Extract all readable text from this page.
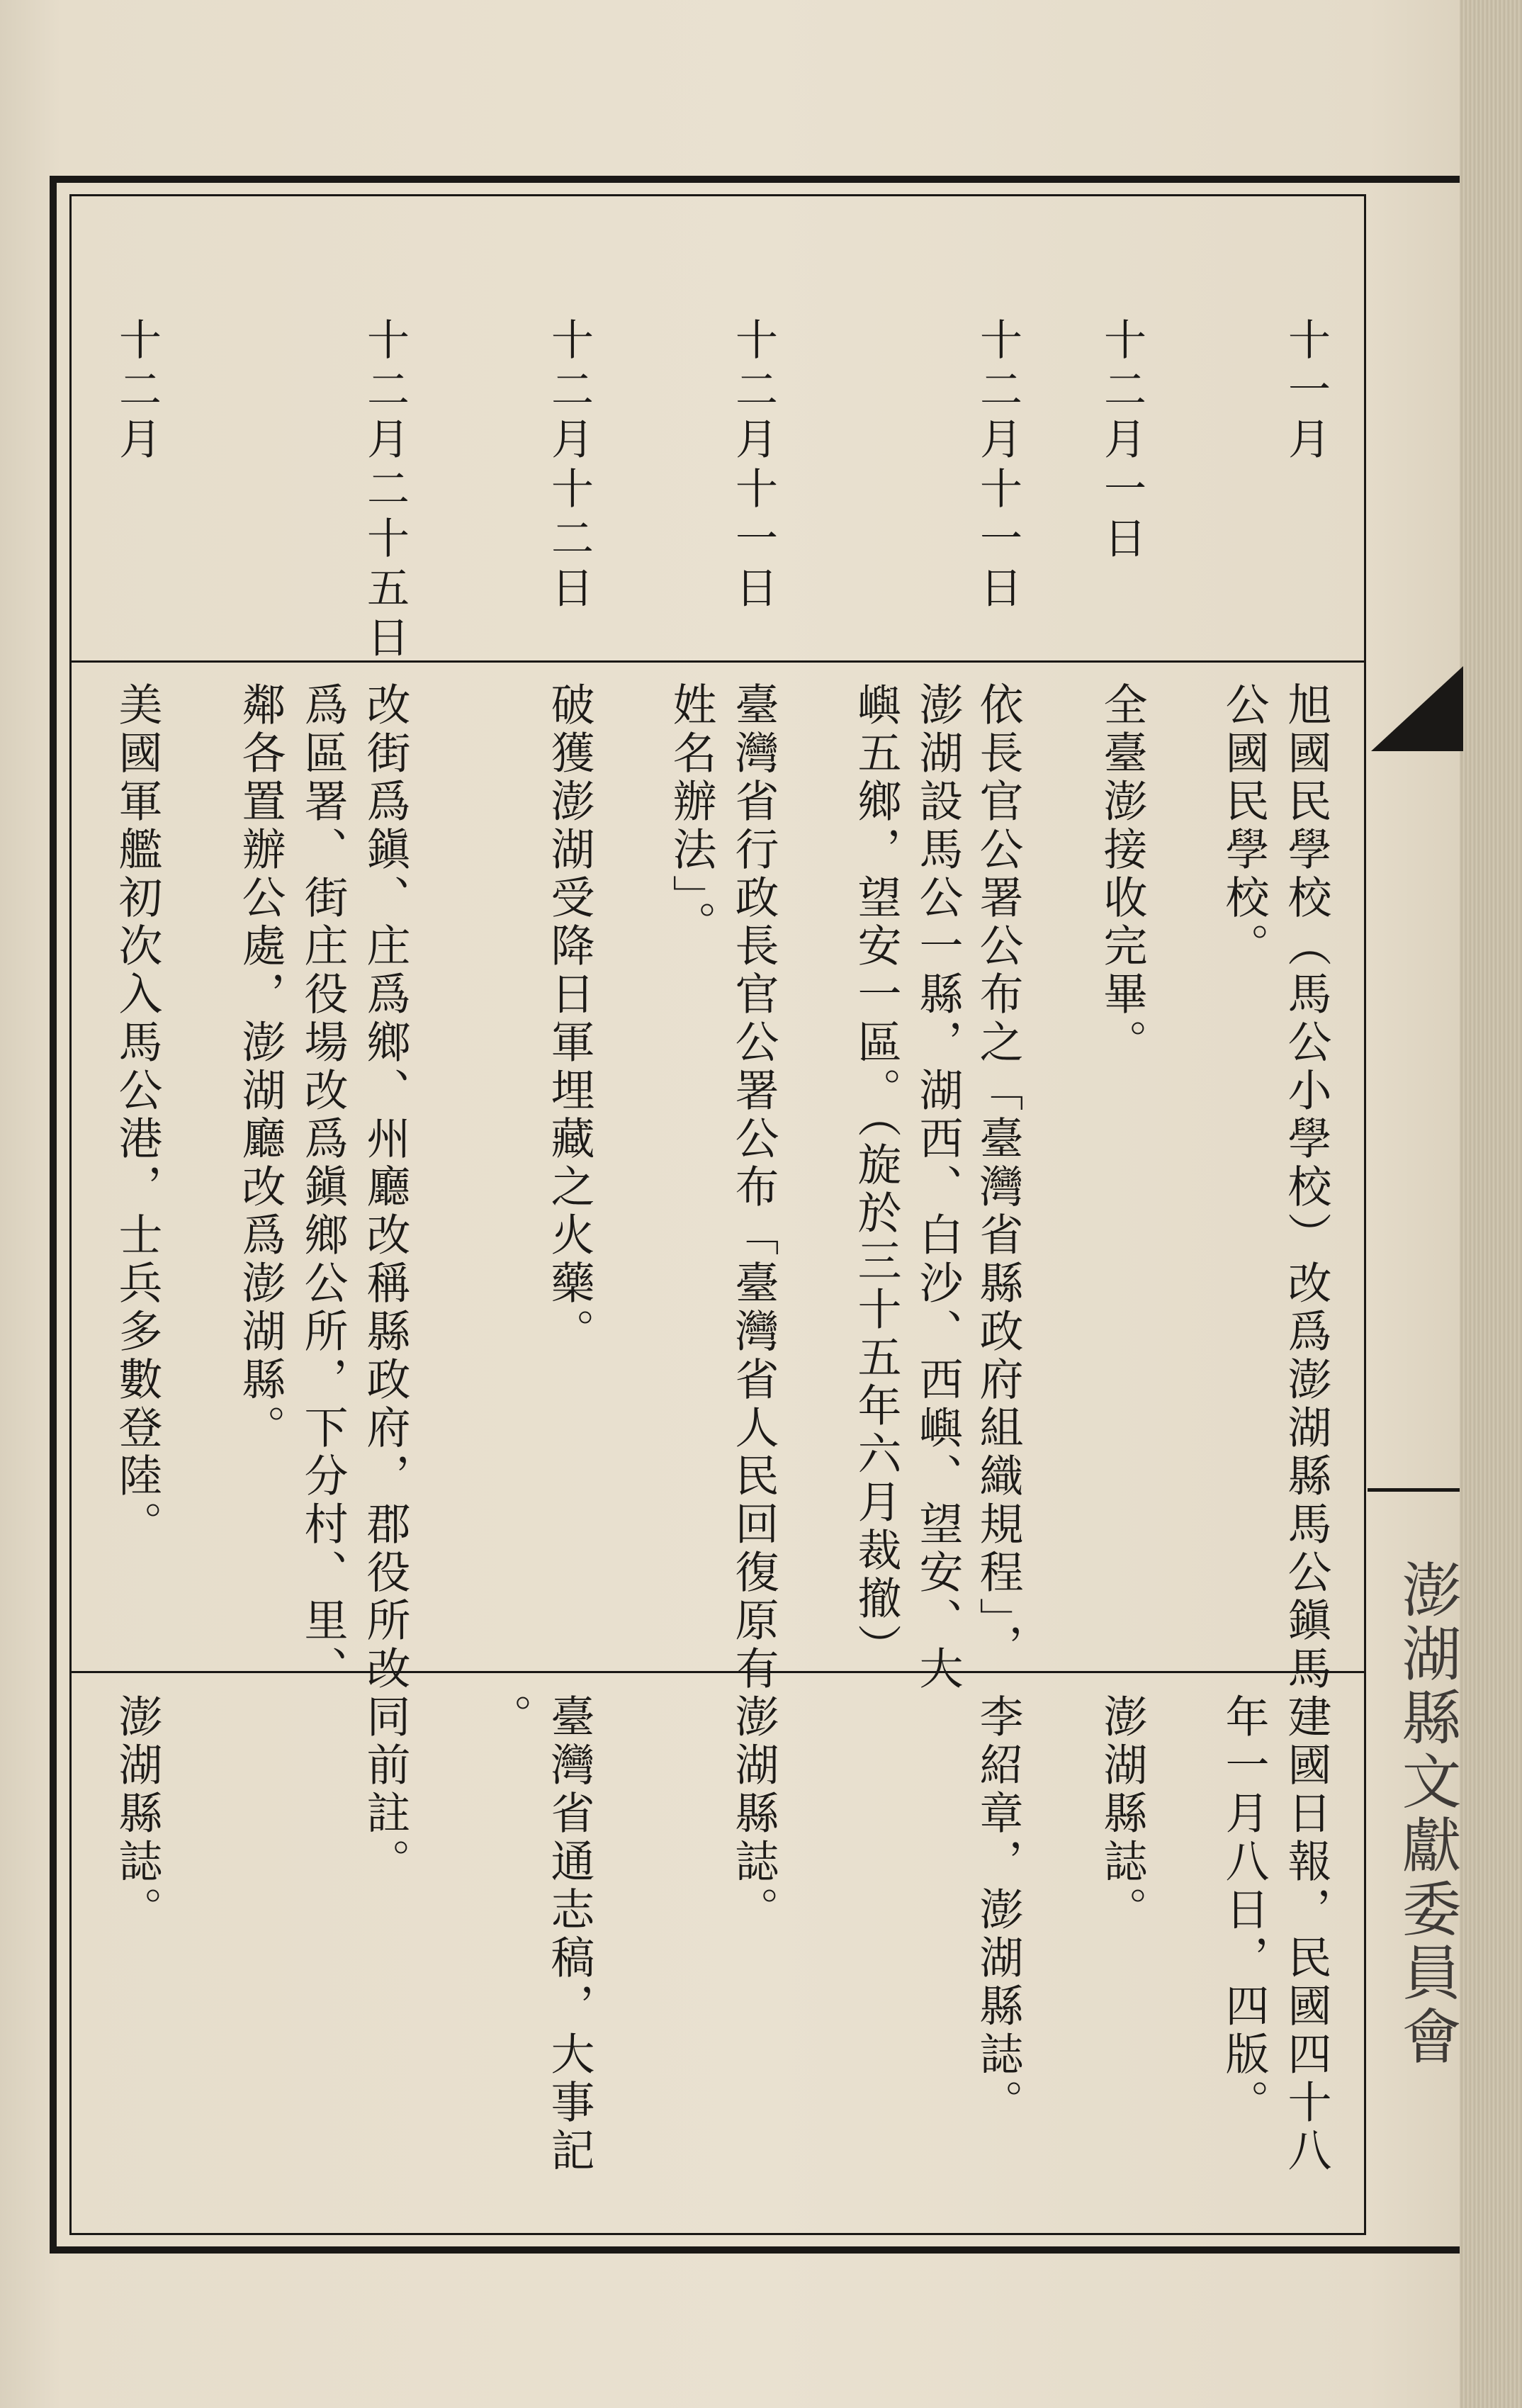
澎湖縣文獻委員會
十一月
旭國民學校（馬公小學校）改爲澎湖縣馬公鎭馬
公國民學校。
建國日報，民國四十八
年一月八日，四版。
十二月一日
全臺澎接收完畢。
澎湖縣誌。
十二月十一日
依長官公署公布之「臺灣省縣政府組織規程」，
澎湖設馬公一縣，湖西、白沙、西嶼、望安、大
嶼五鄉，望安一區。（旋於三十五年六月裁撤）
李紹章，澎湖縣誌。
十二月十一日
臺灣省行政長官公署公布「臺灣省人民回復原有
姓名辦法」。
澎湖縣誌。
十二月十二日
破獲澎湖受降日軍埋藏之火藥。
臺灣省通志稿，大事記
。
十二月二十五日
改街爲鎭、庄爲鄉、州廳改稱縣政府，郡役所改
爲區署、街庄役場改爲鎭鄉公所，下分村、里、
鄰各置辦公處，澎湖廳改爲澎湖縣。
同前註。
十二月
美國軍艦初次入馬公港，士兵多數登陸。
澎湖縣誌。
